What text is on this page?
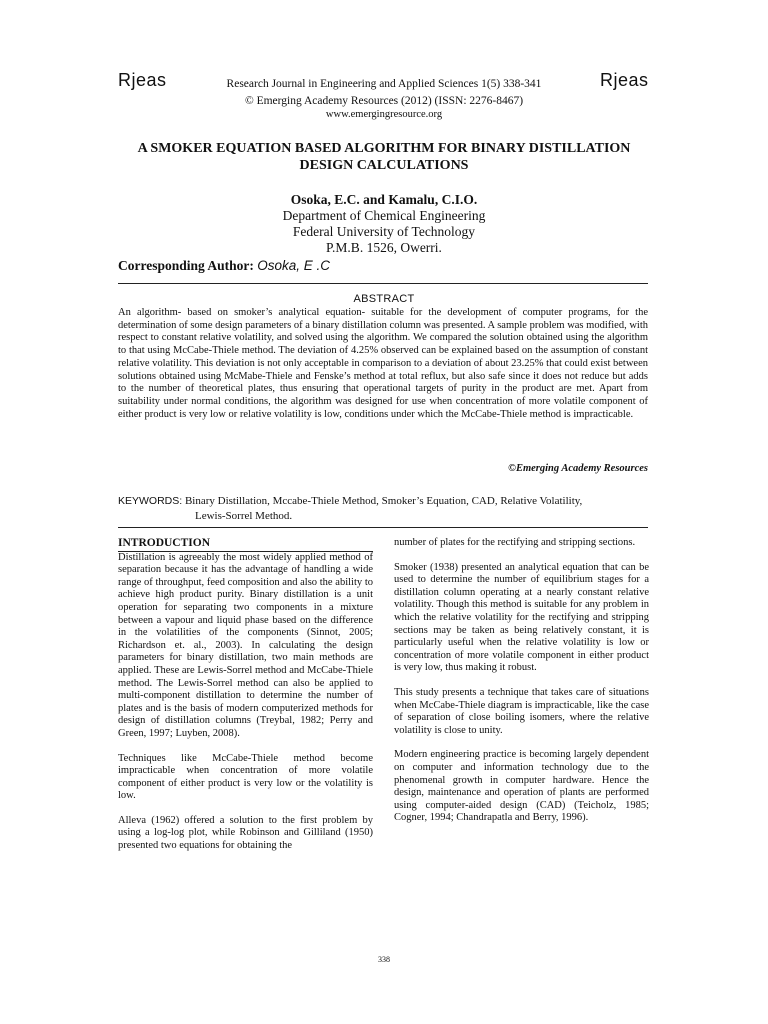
Rjeas	Rjeas
Research Journal in Engineering and Applied Sciences 1(5) 338-341
© Emerging Academy Resources (2012) (ISSN: 2276-8467)
www.emergingresource.org
A SMOKER EQUATION BASED ALGORITHM FOR BINARY DISTILLATION
DESIGN CALCULATIONS
Osoka, E.C. and Kamalu, C.I.O.
Department of Chemical Engineering
Federal University of Technology
P.M.B. 1526, Owerri.
Corresponding Author: Osoka, E .C
ABSTRACT
An algorithm- based on smoker’s analytical equation- suitable for the development of computer programs, for the determination of some design parameters of a binary distillation column was presented. A sample problem was modified, with respect to constant relative volatility, and solved using the algorithm. We compared the solution obtained using the algorithm to that using McCabe-Thiele method. The deviation of 4.25% observed can be explained based on the assumption of constant relative volatility. This deviation is not only acceptable in comparison to a deviation of about 23.25% that could exist between solutions obtained using McMabe-Thiele and Fenske’s method at total reflux, but also safe since it does not reduce but adds to the number of theoretical plates, thus ensuring that operational targets of purity in the product are met. Apart from suitability under normal conditions, the algorithm was designed for use when concentration of more volatile component of either product is very low or relative volatility is low, conditions under which the McCabe-Thiele method is impracticable.
©Emerging Academy Resources
KEYWORDS: Binary Distillation, Mccabe-Thiele Method, Smoker’s Equation, CAD, Relative Volatility,
Lewis-Sorrel Method.
INTRODUCTION

Distillation is agreeably the most widely applied method of separation because it has the advantage of handling a wide range of throughput, feed composition and also the ability to achieve high product purity. Binary distillation is a unit operation for separating two components in a mixture between a vapour and liquid phase based on the difference in the volatilities of the components (Sinnot, 2005; Richardson et. al., 2003). In calculating the design parameters for binary distillation, two main methods are applied. These are Lewis-Sorrel method and McCabe-Thiele method. The Lewis-Sorrel method can also be applied to multi-component distillation to determine the number of plates and is the basis of modern computerized methods for design of distillation columns (Treybal, 1982; Perry and Green, 1997; Luyben, 2008).

Techniques like McCabe-Thiele method become impracticable when concentration of more volatile component of either product is very low or the volatility is low.

Alleva (1962) offered a solution to the first problem by using a log-log plot, while Robinson and Gilliland (1950) presented two equations for obtaining the

number of plates for the rectifying and stripping sections.

Smoker (1938) presented an analytical equation that can be used to determine the number of equilibrium stages for a distillation column operating at a nearly constant relative volatility. Though this method is suitable for any problem in which the relative volatility for the rectifying and stripping sections may be taken as being relatively constant, it is particularly useful when the relative volatility is low or concentration of more volatile component in either product is very low, thus making it robust.

This study presents a technique that takes care of situations when McCabe-Thiele diagram is impracticable, like the case of separation of close boiling isomers, where the relative volatility is close to unity.

Modern engineering practice is becoming largely dependent on computer and information technology due to the phenomenal growth in computer hardware. Hence the design, maintenance and operation of plants are performed using computer-aided design (CAD) (Teicholz, 1985; Cogner, 1994; Chandrapatla and Berry, 1996).

338
